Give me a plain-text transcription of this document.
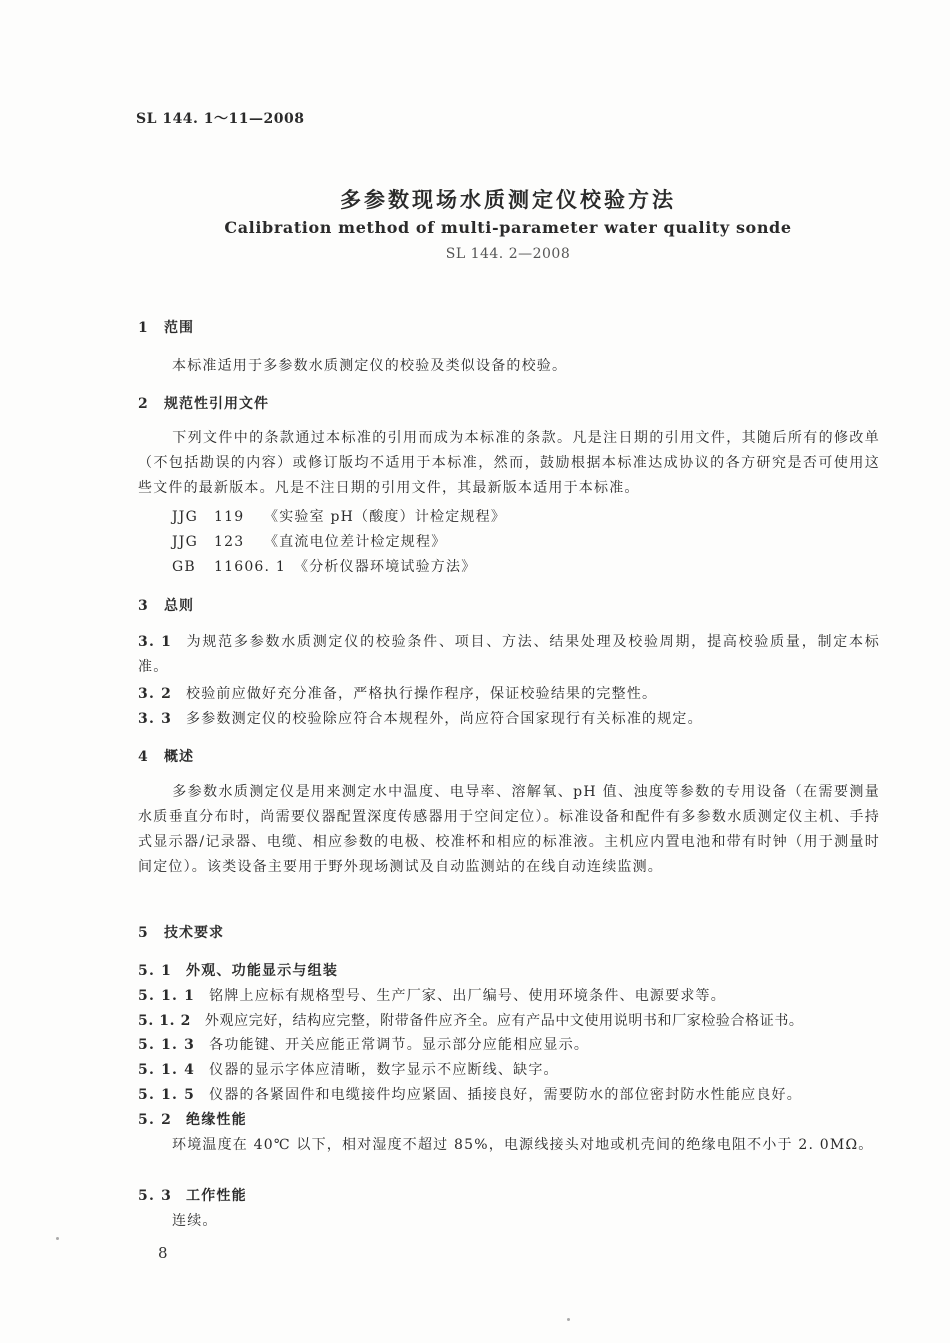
SL 144. 1～11—2008
多参数现场水质测定仪校验方法
Calibration method of multi-parameter water quality sonde
SL 144. 2—2008
1 范围
本标准适用于多参数水质测定仪的校验及类似设备的校验。
2 规范性引用文件
下列文件中的条款通过本标准的引用而成为本标准的条款。凡是注日期的引用文件，其随后所有的修改单（不包括勘误的内容）或修订版均不适用于本标准，然而，鼓励根据本标准达成协议的各方研究是否可使用这些文件的最新版本。凡是不注日期的引用文件，其最新版本适用于本标准。
JJG 119 《实验室 pH（酸度）计检定规程》
JJG 123 《直流电位差计检定规程》
GB 11606. 1 《分析仪器环境试验方法》
3 总则
3. 1 为规范多参数水质测定仪的校验条件、项目、方法、结果处理及校验周期，提高校验质量，制定本标准。
3. 2 校验前应做好充分准备，严格执行操作程序，保证校验结果的完整性。
3. 3 多参数测定仪的校验除应符合本规程外，尚应符合国家现行有关标准的规定。
4 概述
多参数水质测定仪是用来测定水中温度、电导率、溶解氧、pH 值、浊度等参数的专用设备（在需要测量水质垂直分布时，尚需要仪器配置深度传感器用于空间定位）。标准设备和配件有多参数水质测定仪主机、手持式显示器/记录器、电缆、相应参数的电极、校准杯和相应的标准液。主机应内置电池和带有时钟（用于测量时间定位）。该类设备主要用于野外现场测试及自动监测站的在线自动连续监测。
5 技术要求
5. 1 外观、功能显示与组装
5. 1. 1 铭牌上应标有规格型号、生产厂家、出厂编号、使用环境条件、电源要求等。
5. 1. 2 外观应完好，结构应完整，附带备件应齐全。应有产品中文使用说明书和厂家检验合格证书。
5. 1. 3 各功能键、开关应能正常调节。显示部分应能相应显示。
5. 1. 4 仪器的显示字体应清晰，数字显示不应断线、缺字。
5. 1. 5 仪器的各紧固件和电缆接件均应紧固、插接良好，需要防水的部位密封防水性能应良好。
5. 2 绝缘性能
环境温度在 40℃ 以下，相对湿度不超过 85%，电源线接头对地或机壳间的绝缘电阻不小于 2. 0MΩ。
5. 3 工作性能
连续。
8
